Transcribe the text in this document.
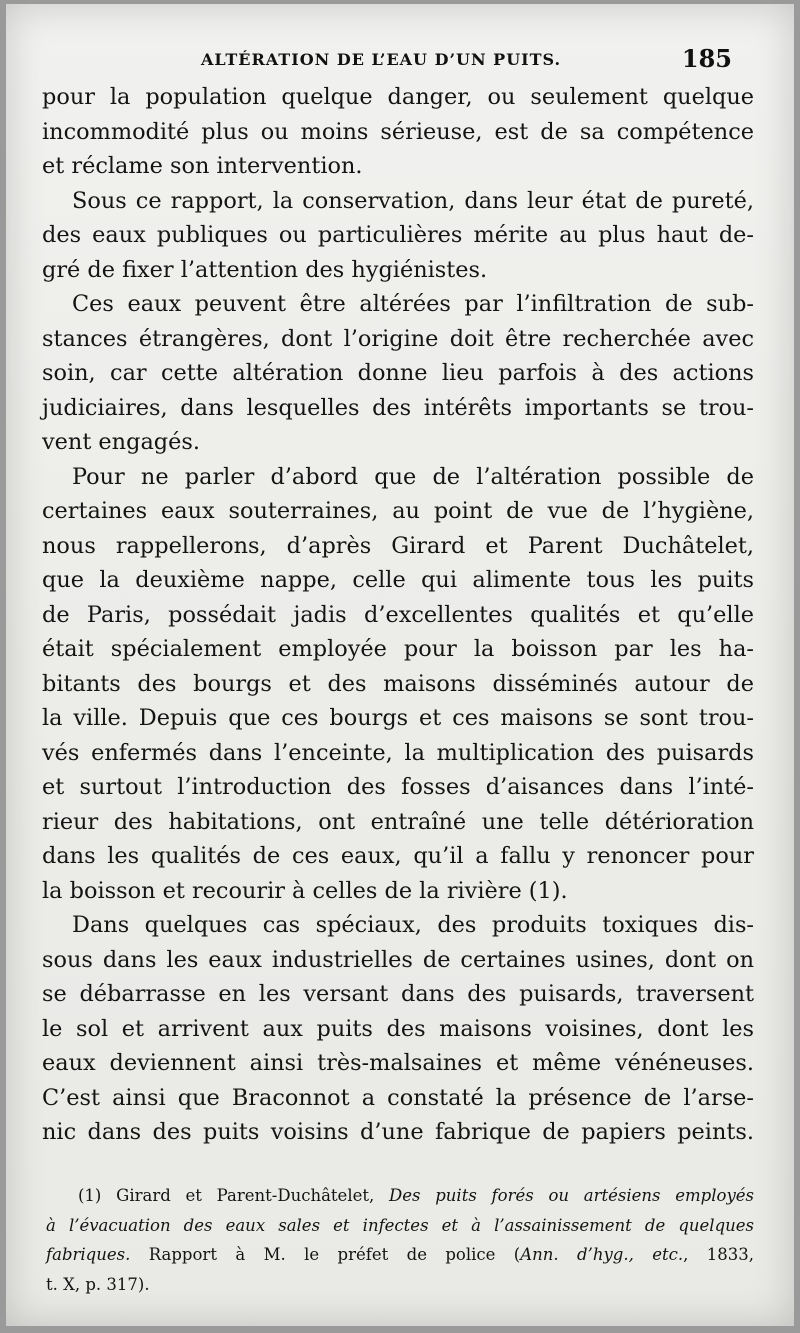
ALTÉRATION DE L’EAU D’UN PUITS.	185
pour la population quelque danger, ou seulement quelque
incommodité plus ou moins sérieuse, est de sa compétence
et réclame son intervention.
Sous ce rapport, la conservation, dans leur état de pureté,
des eaux publiques ou particulières mérite au plus haut de-
gré de fixer l’attention des hygiénistes.
Ces eaux peuvent être altérées par l’infiltration de sub-
stances étrangères, dont l’origine doit être recherchée avec
soin, car cette altération donne lieu parfois à des actions
judiciaires, dans lesquelles des intérêts importants se trou-
vent engagés.
Pour ne parler d’abord que de l’altération possible de
certaines eaux souterraines, au point de vue de l’hygiène,
nous rappellerons, d’après Girard et Parent Duchâtelet,
que la deuxième nappe, celle qui alimente tous les puits
de Paris, possédait jadis d’excellentes qualités et qu’elle
était spécialement employée pour la boisson par les ha-
bitants des bourgs et des maisons disséminés autour de
la ville. Depuis que ces bourgs et ces maisons se sont trou-
vés enfermés dans l’enceinte, la multiplication des puisards
et surtout l’introduction des fosses d’aisances dans l’inté-
rieur des habitations, ont entraîné une telle détérioration
dans les qualités de ces eaux, qu’il a fallu y renoncer pour
la boisson et recourir à celles de la rivière (1).
Dans quelques cas spéciaux, des produits toxiques dis-
sous dans les eaux industrielles de certaines usines, dont on
se débarrasse en les versant dans des puisards, traversent
le sol et arrivent aux puits des maisons voisines, dont les
eaux deviennent ainsi très-malsaines et même vénéneuses.
C’est ainsi que Braconnot a constaté la présence de l’arse-
nic dans des puits voisins d’une fabrique de papiers peints.
(1) Girard et Parent-Duchâtelet, Des puits forés ou artésiens employés
à l’évacuation des eaux sales et infectes et à l’assainissement de quelques
fabriques. Rapport à M. le préfet de police (Ann. d’hyg., etc., 1833,
t. X, p. 317).
